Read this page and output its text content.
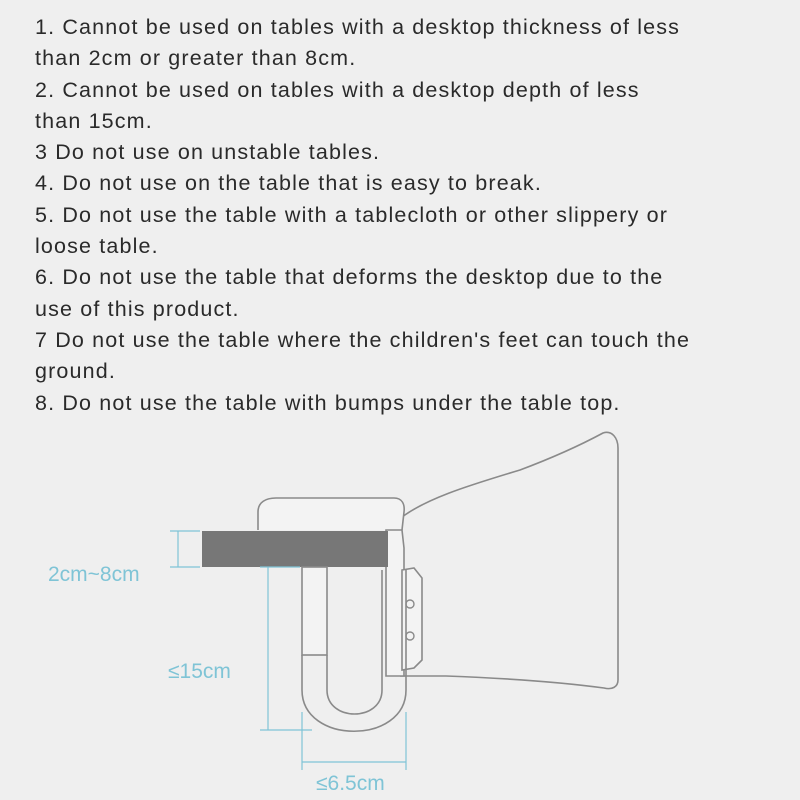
1. Cannot be used on tables with a desktop thickness of less
than 2cm or greater than 8cm.
2. Cannot be used on tables with a desktop depth of less
than 15cm.
3 Do not use on unstable tables.
4. Do not use on the table that is easy to break.
5. Do not use the table with a tablecloth or other slippery or
loose table.
6. Do not use the table that deforms the desktop due to the
use of this product.
7 Do not use the table where the children's feet can touch the
ground.
8. Do not use the table with bumps under the table top.
2cm~8cm
≤15cm
≤6.5cm
